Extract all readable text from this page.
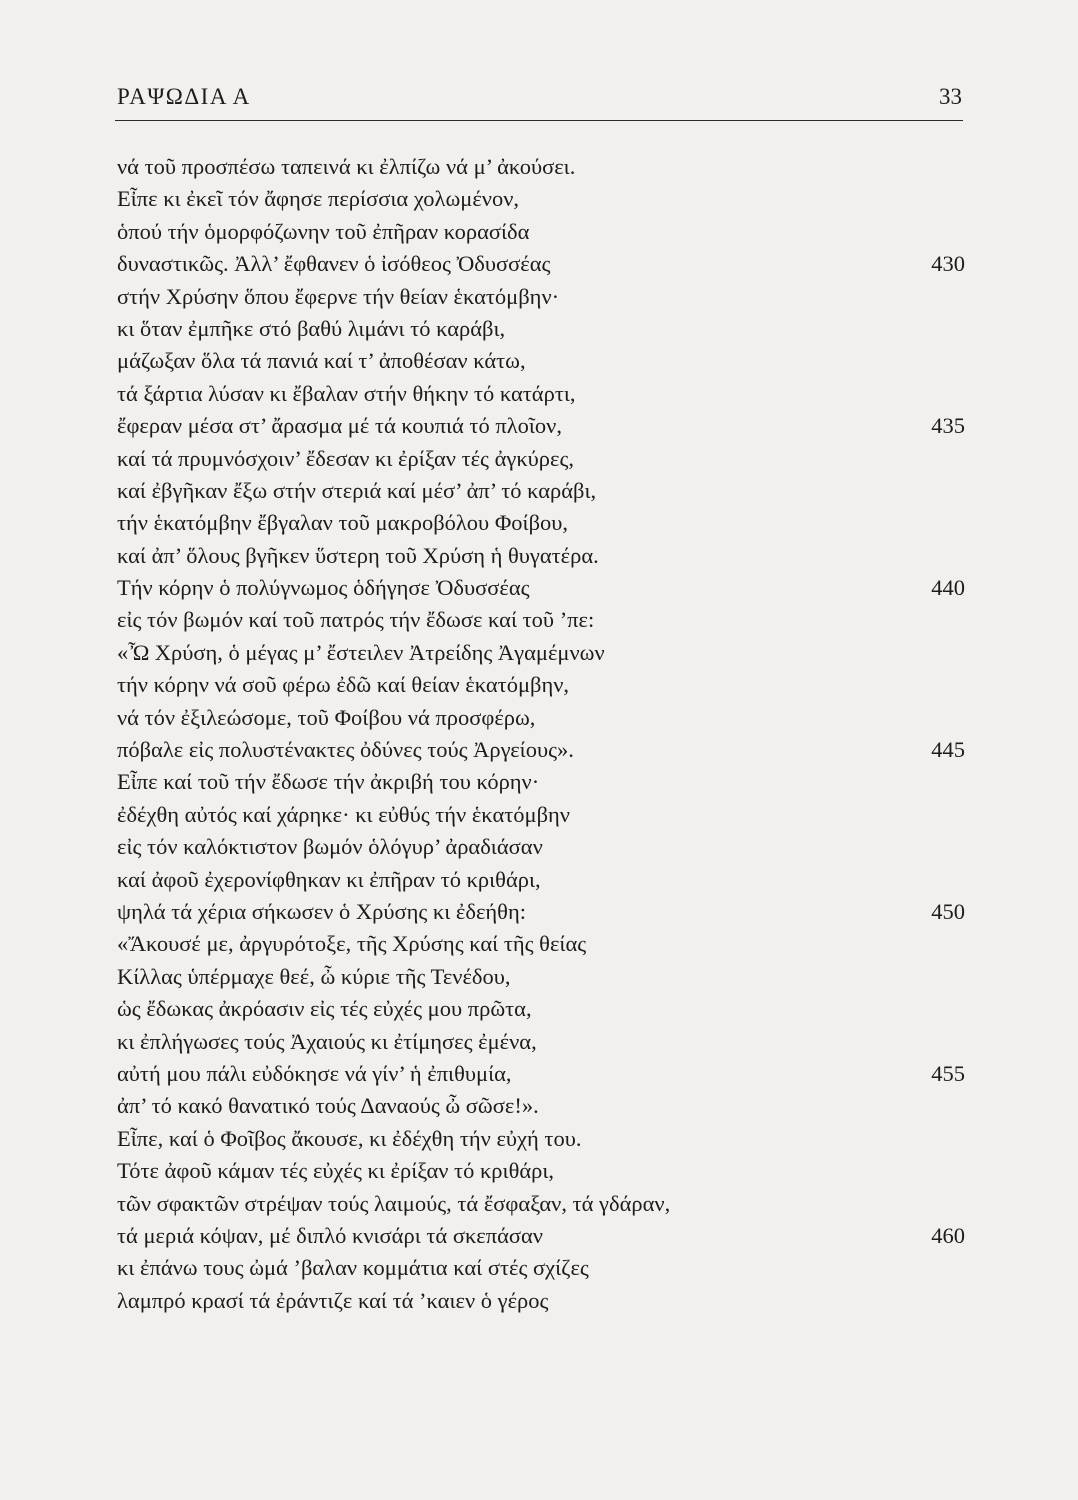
ΡΑΨΩΔΙΑ Α	33
νά τοῦ προσπέσω ταπεινά κι ἐλπίζω νά μ’ ἀκούσει.
Εἶπε κι ἐκεῖ τόν ἄφησε περίσσια χολωμένον,
ὁπού τήν ὁμορφόζωνην τοῦ ἐπῆραν κορασίδα
δυναστικῶς. Ἀλλ’ ἔφθανεν ὁ ἰσόθεος Ὀδυσσέας	430
στήν Χρύσην ὅπου ἔφερνε τήν θείαν ἑκατόμβην·
κι ὅταν ἐμπῆκε στό βαθύ λιμάνι τό καράβι,
μάζωξαν ὅλα τά πανιά καί τ’ ἀποθέσαν κάτω,
τά ξάρτια λύσαν κι ἔβαλαν στήν θήκην τό κατάρτι,
ἔφεραν μέσα στ’ ἄρασμα μέ τά κουπιά τό πλοῖον,	435
καί τά πρυμνόσχοιν’ ἔδεσαν κι ἐρίξαν τές ἀγκύρες,
καί ἐβγῆκαν ἔξω στήν στεριά καί μέσ’ ἀπ’ τό καράβι,
τήν ἑκατόμβην ἔβγαλαν τοῦ μακροβόλου Φοίβου,
καί ἀπ’ ὅλους βγῆκεν ὕστερη τοῦ Χρύση ἡ θυγατέρα.
Τήν κόρην ὁ πολύγνωμος ὁδήγησε Ὀδυσσέας	440
εἰς τόν βωμόν καί τοῦ πατρός τήν ἔδωσε καί τοῦ ’πε:
«Ὦ Χρύση, ὁ μέγας μ’ ἔστειλεν Ἀτρείδης Ἀγαμέμνων
τήν κόρην νά σοῦ φέρω ἐδῶ καί θείαν ἑκατόμβην,
νά τόν ἐξιλεώσομε, τοῦ Φοίβου νά προσφέρω,
πόβαλε εἰς πολυστένακτες ὀδύνες τούς Ἀργείους».	445
Εἶπε καί τοῦ τήν ἔδωσε τήν ἀκριβή του κόρην·
ἐδέχθη αὐτός καί χάρηκε· κι εὐθύς τήν ἑκατόμβην
εἰς τόν καλόκτιστον βωμόν ὁλόγυρ’ ἀραδιάσαν
καί ἀφοῦ ἐχερονίφθηκαν κι ἐπῆραν τό κριθάρι,
ψηλά τά χέρια σήκωσεν ὁ Χρύσης κι ἐδεήθη:	450
«Ἄκουσέ με, ἀργυρότοξε, τῆς Χρύσης καί τῆς θείας
Κίλλας ὑπέρμαχε θεέ, ὦ κύριε τῆς Τενέδου,
ὡς ἔδωκας ἀκρόασιν εἰς τές εὐχές μου πρῶτα,
κι ἐπλήγωσες τούς Ἀχαιούς κι ἐτίμησες ἐμένα,
αὐτή μου πάλι εὐδόκησε νά γίν’ ἡ ἐπιθυμία,	455
ἀπ’ τό κακό θανατικό τούς Δαναούς ὦ σῶσε!».
Εἶπε, καί ὁ Φοῖβος ἄκουσε, κι ἐδέχθη τήν εὐχή του.
Τότε ἀφοῦ κάμαν τές εὐχές κι ἐρίξαν τό κριθάρι,
τῶν σφακτῶν στρέψαν τούς λαιμούς, τά ἔσφαξαν, τά γδάραν,
τά μεριά κόψαν, μέ διπλό κνισάρι τά σκεπάσαν	460
κι ἐπάνω τους ὠμά ’βαλαν κομμάτια καί στές σχίζες
λαμπρό κρασί τά ἐράντιζε καί τά ’καιεν ὁ γέρος
